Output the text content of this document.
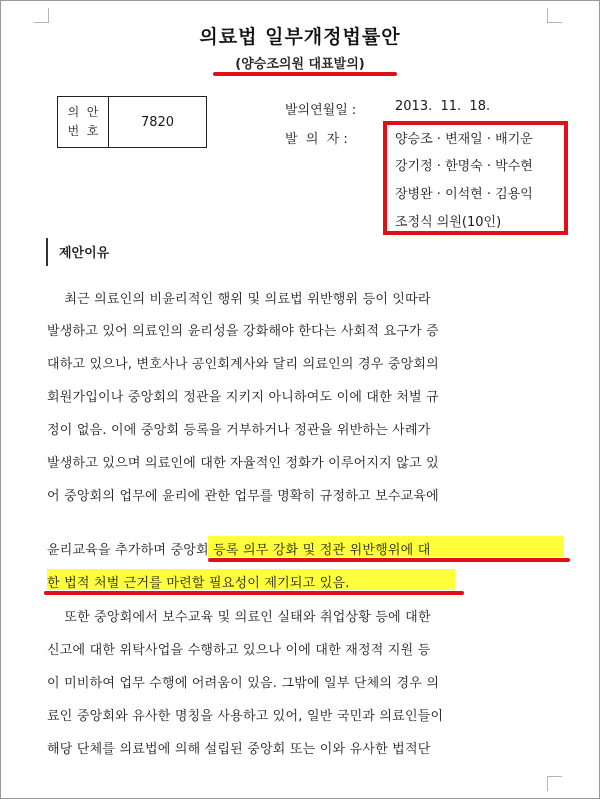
의료법 일부개정법률안
(양승조의원 대표발의)
의  안
번  호
7820
발의연월일 :	2013.  11.  18.
발  의  자 :	양승조 · 변재일 · 배기운
강기정 · 한명숙 · 박수현
장병완 · 이석현 · 김용익
조정식 의원(10인)
제안이유
최근 의료인의 비윤리적인 행위 및 의료법 위반행위 등이 잇따라
발생하고 있어 의료인의 윤리성을 강화해야 한다는 사회적 요구가 증
대하고 있으나, 변호사나 공인회계사와 달리 의료인의 경우 중앙회의
회원가입이나 중앙회의 정관을 지키지 아니하여도 이에 대한 처벌 규
정이 없음. 이에 중앙회 등록을 거부하거나 정관을 위반하는 사례가
발생하고 있으며 의료인에 대한 자율적인 정화가 이루어지지 않고 있
어 중앙회의 업무에 윤리에 관한 업무를 명확히 규정하고 보수교육에
윤리교육을 추가하며 중앙회 등록 의무 강화 및 정관 위반행위에 대
한 법적 처벌 근거를 마련할 필요성이 제기되고 있음.
또한 중앙회에서 보수교육 및 의료인 실태와 취업상황 등에 대한
신고에 대한 위탁사업을 수행하고 있으나 이에 대한 재정적 지원 등
이 미비하여 업무 수행에 어려움이 있음. 그밖에 일부 단체의 경우 의
료인 중앙회와 유사한 명칭을 사용하고 있어, 일반 국민과 의료인들이
해당 단체를 의료법에 의해 설립된 중앙회 또는 이와 유사한 법적단
